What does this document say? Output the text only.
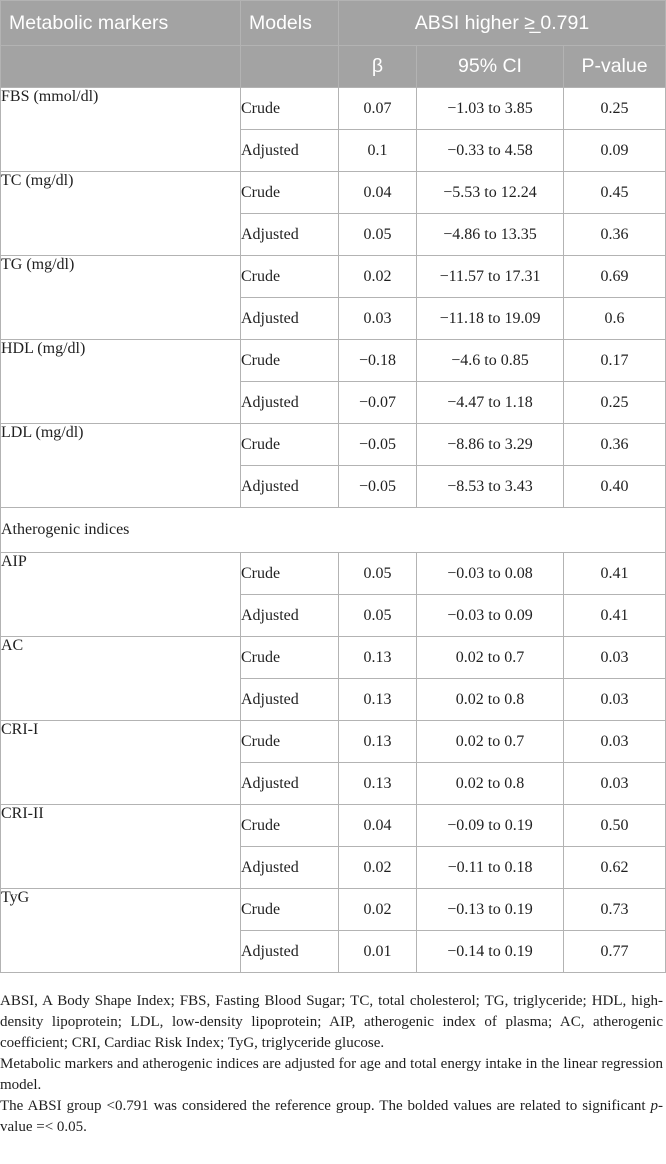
Metabolic markers	Models	ABSI higher ≥̲ 0.791		
		β	95% CI	P-value
FBS (mmol/dl)	Crude	0.07	−1.03 to 3.85	0.25
	Adjusted	0.1	−0.33 to 4.58	0.09
TC (mg/dl)	Crude	0.04	−5.53 to 12.24	0.45
	Adjusted	0.05	−4.86 to 13.35	0.36
TG (mg/dl)	Crude	0.02	−11.57 to 17.31	0.69
	Adjusted	0.03	−11.18 to 19.09	0.6
HDL (mg/dl)	Crude	−0.18	−4.6 to 0.85	0.17
	Adjusted	−0.07	−4.47 to 1.18	0.25
LDL (mg/dl)	Crude	−0.05	−8.86 to 3.29	0.36
	Adjusted	−0.05	−8.53 to 3.43	0.40
Atherogenic indices				
AIP	Crude	0.05	−0.03 to 0.08	0.41
	Adjusted	0.05	−0.03 to 0.09	0.41
AC	Crude	0.13	0.02 to 0.7	0.03
	Adjusted	0.13	0.02 to 0.8	0.03
CRI-I	Crude	0.13	0.02 to 0.7	0.03
	Adjusted	0.13	0.02 to 0.8	0.03
CRI-II	Crude	0.04	−0.09 to 0.19	0.50
	Adjusted	0.02	−0.11 to 0.18	0.62
TyG	Crude	0.02	−0.13 to 0.19	0.73
	Adjusted	0.01	−0.14 to 0.19	0.77

ABSI, A Body Shape Index; FBS, Fasting Blood Sugar; TC, total cholesterol; TG, triglyceride; HDL, high-density lipoprotein; LDL, low-density lipoprotein; AIP, atherogenic index of plasma; AC, atherogenic coefficient; CRI, Cardiac Risk Index; TyG, triglyceride glucose.

Metabolic markers and atherogenic indices are adjusted for age and total energy intake in the linear regression model.

The ABSI group <0.791 was considered the reference group. The bolded values are related to significant p-value =< 0.05.
